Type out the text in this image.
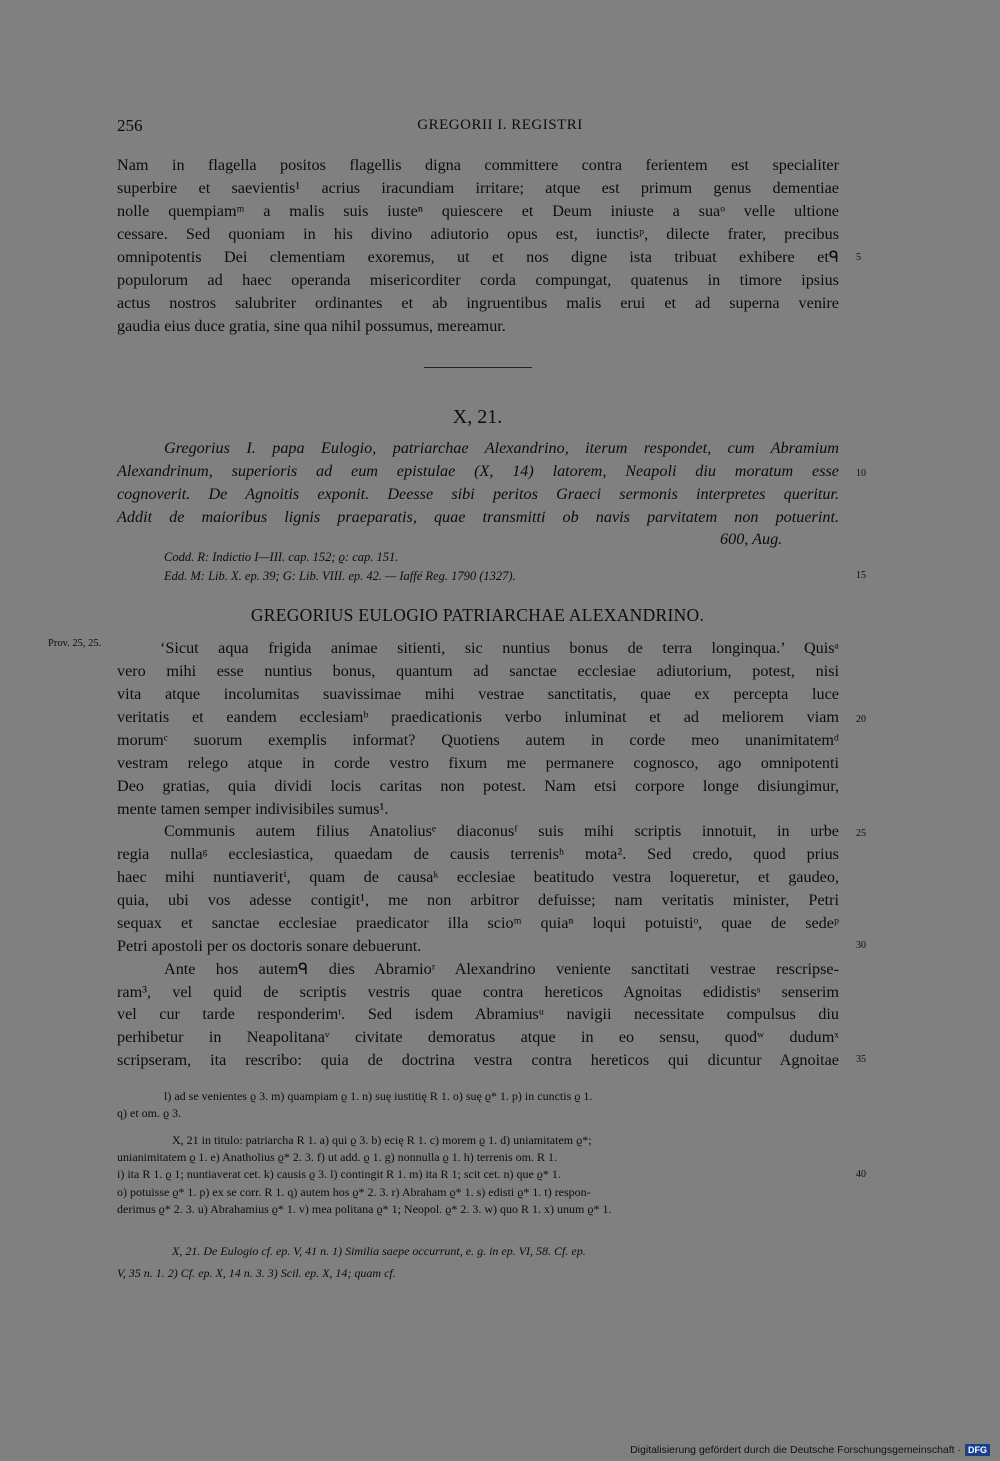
256	GREGORII I. REGISTRI
Nam in flagella positos flagellis digna committere contra ferientem est specialiter
superbire et saevientis¹ acrius iracundiam irritare; atque est primum genus dementiae
nolle quempiamᵐ a malis suis iusteⁿ quiescere et Deum iniuste a suaᵒ velle ultione
cessare. Sed quoniam in his divino adiutorio opus est, iunctisᵖ, dilecte frater, precibus
omnipotentis Dei clementiam exoremus, ut et nos digne ista tribuat exhibere etᑫ
populorum ad haec operanda misericorditer corda compungat, quatenus in timore ipsius
actus nostros salubriter ordinantes et ab ingruentibus malis erui et ad superna venire
gaudia eius duce gratia, sine qua nihil possumus, mereamur.
5
X, 21.
Gregorius I. papa Eulogio, patriarchae Alexandrino, iterum respondet, cum Abramium
Alexandrinum, superioris ad eum epistulae (X, 14) latorem, Neapoli diu moratum esse
cognoverit. De Agnoitis exponit. Deesse sibi peritos Graeci sermonis interpretes queritur.
Addit de maioribus lignis praeparatis, quae transmitti ob navis parvitatem non potuerint.
600, Aug.
10
Codd. R: Indictio I—III. cap. 152; ϱ: cap. 151.
Edd. M: Lib. X. ep. 39; G: Lib. VIII. ep. 42. — Iaffé Reg. 1790 (1327).	15
GREGORIUS EULOGIO PATRIARCHAE ALEXANDRINO.
Prov. 25, 25.	‘Sicut aqua frigida animae sitienti, sic nuntius bonus de terra longinqua.’ Quisᵃ
vero mihi esse nuntius bonus, quantum ad sanctae ecclesiae adiutorium, potest, nisi
vita atque incolumitas suavissimae mihi vestrae sanctitatis, quae ex percepta luce
veritatis et eandem ecclesiamᵇ praedicationis verbo inluminat et ad meliorem viam
morumᶜ suorum exemplis informat? Quotiens autem in corde meo unanimitatemᵈ
vestram relego atque in corde vestro fixum me permanere cognosco, ago omnipotenti
Deo gratias, quia dividi locis caritas non potest. Nam etsi corpore longe disiungimur,
mente tamen semper indivisibiles sumus¹.
Communis autem filius Anatoliusᵉ diaconusᶠ suis mihi scriptis innotuit, in urbe
regia nullaᵍ ecclesiastica, quaedam de causis terrenisʰ mota². Sed credo, quod prius
haec mihi nuntiaveritⁱ, quam de causaᵏ ecclesiae beatitudo vestra loqueretur, et gaudeo,
quia, ubi vos adesse contigit¹, me non arbitror defuisse; nam veritatis minister, Petri
sequax et sanctae ecclesiae praedicator illa scioᵐ quiaⁿ loqui potuistiᵒ, quae de sedeᵖ
Petri apostoli per os doctoris sonare debuerunt.
Ante hos autemᑫ dies Abramioʳ Alexandrino veniente sanctitati vestrae rescripse-
ram³, vel quid de scriptis vestris quae contra hereticos Agnoitas edidistisˢ senserim
vel cur tarde responderimᵗ. Sed isdem Abramiusᵘ navigii necessitate compulsus diu
perhibetur in Neapolitanaᵛ civitate demoratus atque in eo sensu, quodʷ dudumˣ
scripseram, ita rescribo: quia de doctrina vestra contra hereticos qui dicuntur Agnoitae
20
25
30
35
l) ad se venientes ϱ 3. m) quampiam ϱ 1. n) suę iustitię R 1. o) suę ϱ* 1. p) in cunctis ϱ 1.
q) et om. ϱ 3.
X, 21 in titulo: patriarcha R 1. a) qui ϱ 3. b) ecię R 1. c) morem ϱ 1. d) uniamitatem ϱ*;
unianimitatem ϱ 1. e) Anatholius ϱ* 2. 3. f) ut add. ϱ 1. g) nonnulla ϱ 1. h) terrenis om. R 1.
i) ita R 1. ϱ 1; nuntiaverat cet. k) causis ϱ 3. l) contingit R 1. m) ita R 1; scit cet. n) que ϱ* 1.
o) potuisse ϱ* 1. p) ex se corr. R 1. q) autem hos ϱ* 2. 3. r) Abraham ϱ* 1. s) edisti ϱ* 1. t) respon-
derimus ϱ* 2. 3. u) Abrahamius ϱ* 1. v) mea politana ϱ* 1; Neopol. ϱ* 2. 3. w) quo R 1. x) unum ϱ* 1.
40
X, 21. De Eulogio cf. ep. V, 41 n. 1) Similia saepe occurrunt, e. g. in ep. VI, 58. Cf. ep.
V, 35 n. 1. 2) Cf. ep. X, 14 n. 3. 3) Scil. ep. X, 14; quam cf.
Digitalisierung gefördert durch die Deutsche Forschungsgemeinschaft · DFG
